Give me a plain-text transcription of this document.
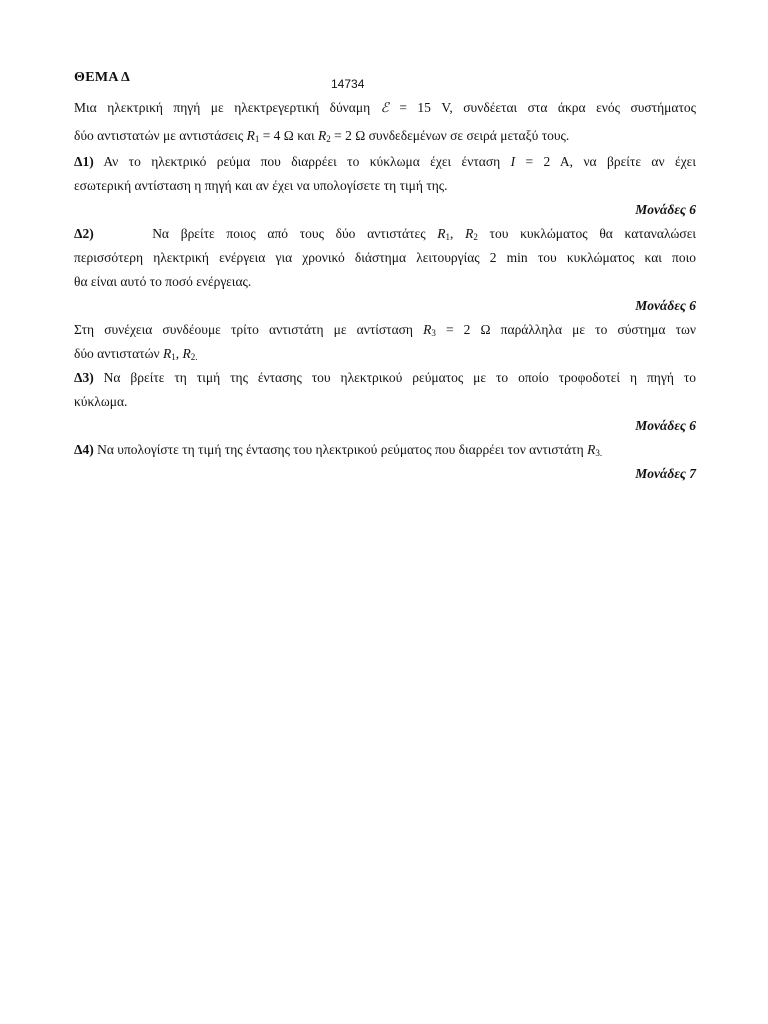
ΘΕΜΑ Δ	14734
Μια ηλεκτρική πηγή με ηλεκτρεγερτική δύναμη ℰ = 15 V, συνδέεται στα άκρα ενός συστήματος
δύο αντιστατών με αντιστάσεις $R_1 = 4$ Ω και $R_2 = 2$ Ω συνδεδεμένων σε σειρά μεταξύ τους.
Δ1) Αν το ηλεκτρικό ρεύμα που διαρρέει το κύκλωμα έχει ένταση I = 2 A, να βρείτε αν έχει
εσωτερική αντίσταση η πηγή και αν έχει να υπολογίσετε τη τιμή της.
Μονάδες 6
Δ2)	Να βρείτε ποιος από τους δύο αντιστάτες $R_1$, $R_2$ του κυκλώματος θα καταναλώσει
περισσότερη ηλεκτρική ενέργεια για χρονικό διάστημα λειτουργίας 2 min του κυκλώματος και ποιο
θα είναι αυτό το ποσό ενέργειας.
Μονάδες 6
Στη συνέχεια συνδέουμε τρίτο αντιστάτη με αντίσταση $R_3 = 2$ Ω παράλληλα με το σύστημα των
δύο αντιστατών $R_1$, $R_{2.}$
Δ3) Να βρείτε τη τιμή της έντασης του ηλεκτρικού ρεύματος με το οποίο τροφοδοτεί η πηγή το
κύκλωμα.
Μονάδες 6
Δ4) Να υπολογίστε τη τιμή της έντασης του ηλεκτρικού ρεύματος που διαρρέει τον αντιστάτη $R_{3.}$
Μονάδες 7
